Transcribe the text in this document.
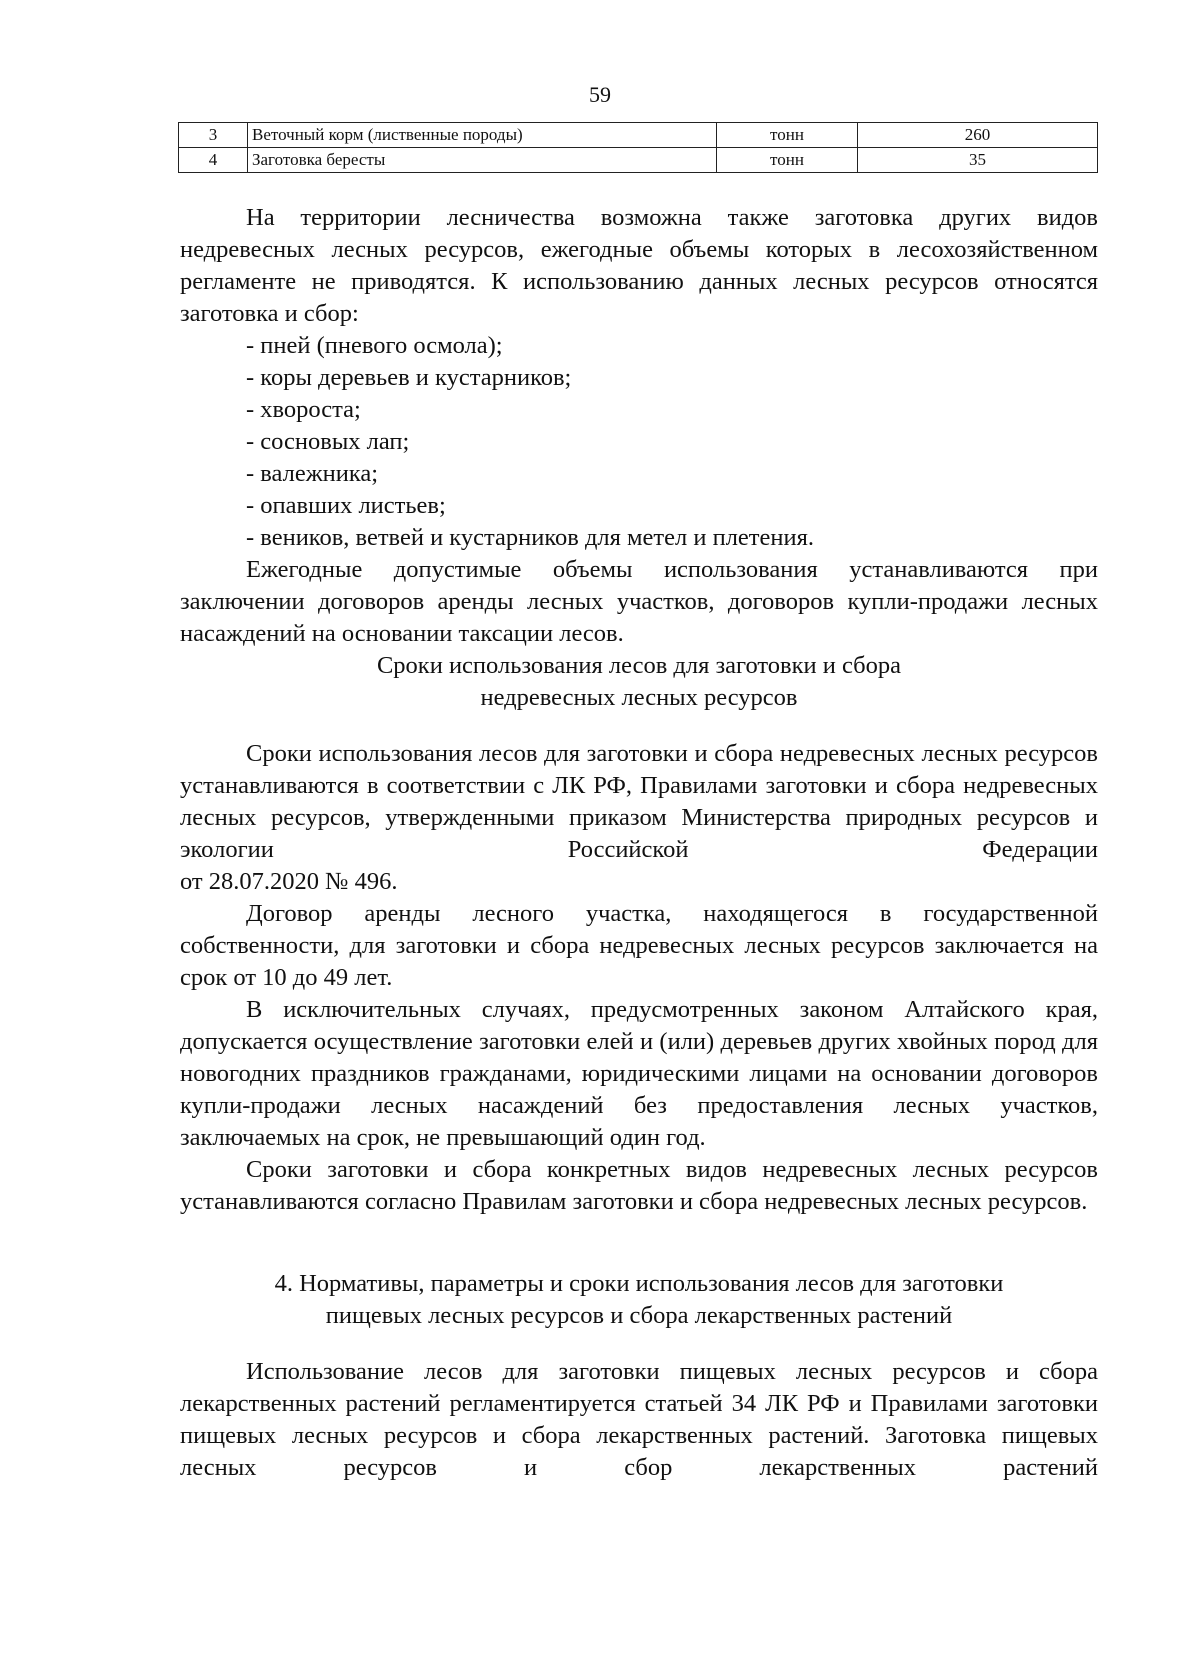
59
3	Веточный корм (лиственные породы)	тонн	260
4	Заготовка бересты	тонн	35

На территории лесничества возможна также заготовка других видов недревесных лесных ресурсов, ежегодные объемы которых в лесохозяйственном регламенте не приводятся. К использованию данных лесных ресурсов относятся заготовка и сбор:

- пней (пневого осмола);

- коры деревьев и кустарников;

- хвороста;

- сосновых лап;

- валежника;

- опавших листьев;

- веников, ветвей и кустарников для метел и плетения.

Ежегодные допустимые объемы использования устанавливаются при заключении договоров аренды лесных участков, договоров купли-продажи лесных насаждений на основании таксации лесов.

Сроки использования лесов для заготовки и сбора
недревесных лесных ресурсов

Сроки использования лесов для заготовки и сбора недревесных лесных ресурсов устанавливаются в соответствии с ЛК РФ, Правилами заготовки и сбора недревесных лесных ресурсов, утвержденными приказом Министерства природных ресурсов и экологии Российской Федерации

от 28.07.2020 № 496.

Договор аренды лесного участка, находящегося в государственной собственности, для заготовки и сбора недревесных лесных ресурсов заключается на срок от 10 до 49 лет.

В исключительных случаях, предусмотренных законом Алтайского края, допускается осуществление заготовки елей и (или) деревьев других хвойных пород для новогодних праздников гражданами, юридическими лицами на основании договоров купли-продажи лесных насаждений без предоставления лесных участков, заключаемых на срок, не превышающий один год.

Сроки заготовки и сбора конкретных видов недревесных лесных ресурсов устанавливаются согласно Правилам заготовки и сбора недревесных лесных ресурсов.

4. Нормативы, параметры и сроки использования лесов для заготовки
пищевых лесных ресурсов и сбора лекарственных растений

Использование лесов для заготовки пищевых лесных ресурсов и сбора лекарственных растений регламентируется статьей 34 ЛК РФ и Правилами заготовки пищевых лесных ресурсов и сбора лекарственных растений. Заготовка пищевых лесных ресурсов и сбор лекарственных растений
